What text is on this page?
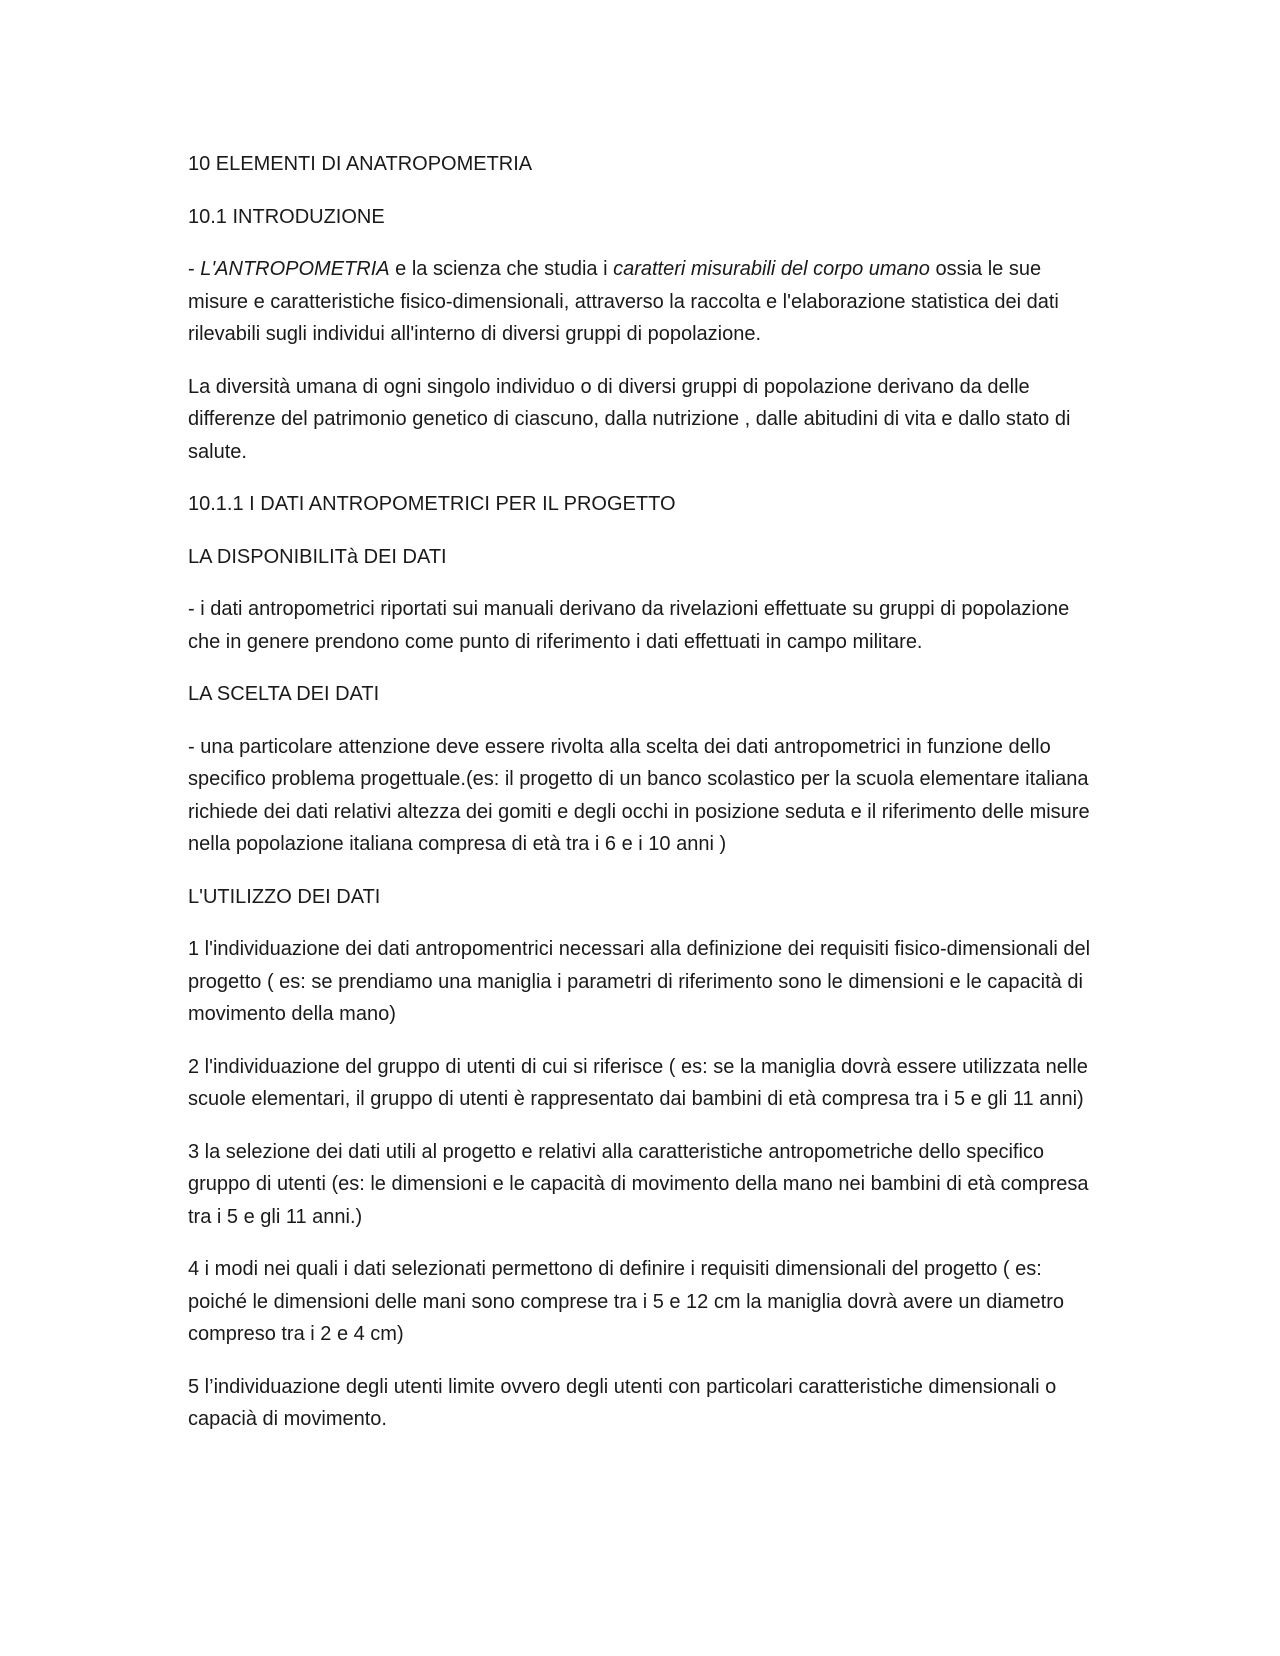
10 ELEMENTI DI ANATROPOMETRIA

10.1 INTRODUZIONE

- L'ANTROPOMETRIA e la scienza che studia i caratteri misurabili del corpo umano ossia le sue misure e caratteristiche fisico-dimensionali, attraverso la raccolta e l'elaborazione statistica dei dati rilevabili sugli individui all'interno di diversi gruppi di popolazione.

La diversità umana di ogni singolo individuo o di diversi gruppi di popolazione derivano da delle differenze del patrimonio genetico di ciascuno, dalla nutrizione , dalle abitudini di vita e dallo stato di salute.

10.1.1 I DATI ANTROPOMETRICI PER IL PROGETTO

LA DISPONIBILITà DEI DATI

- i dati antropometrici riportati sui manuali derivano da rivelazioni effettuate su gruppi di popolazione che in genere prendono come punto di riferimento i dati effettuati in campo militare.

LA SCELTA DEI DATI

- una particolare attenzione deve essere rivolta alla scelta dei dati antropometrici in funzione dello specifico problema progettuale.(es: il progetto di un banco scolastico per la scuola elementare italiana richiede dei dati relativi altezza dei gomiti e degli occhi in posizione seduta e il riferimento delle misure nella popolazione italiana compresa di età tra i 6 e i 10 anni )

L'UTILIZZO DEI DATI

1 l'individuazione dei dati antropomentrici necessari alla definizione dei requisiti fisico-dimensionali del progetto ( es: se prendiamo una maniglia i parametri di riferimento sono le dimensioni e le capacità di movimento della mano)

2 l'individuazione del gruppo di utenti di cui si riferisce ( es: se la maniglia dovrà essere utilizzata nelle scuole elementari, il gruppo di utenti è rappresentato dai bambini di età compresa tra i 5 e gli 11 anni)

3 la selezione dei dati utili al progetto e relativi alla caratteristiche antropometriche dello specifico gruppo di utenti (es: le dimensioni e le capacità di movimento della mano nei bambini di età compresa tra i 5 e gli 11 anni.)

4 i modi nei quali i dati selezionati permettono di definire i requisiti dimensionali del progetto ( es: poiché le dimensioni delle mani sono comprese tra i 5 e 12 cm la maniglia dovrà avere un diametro compreso tra i 2 e 4 cm)

5 l’individuazione degli utenti limite ovvero degli utenti con particolari caratteristiche dimensionali o capacià di movimento.
